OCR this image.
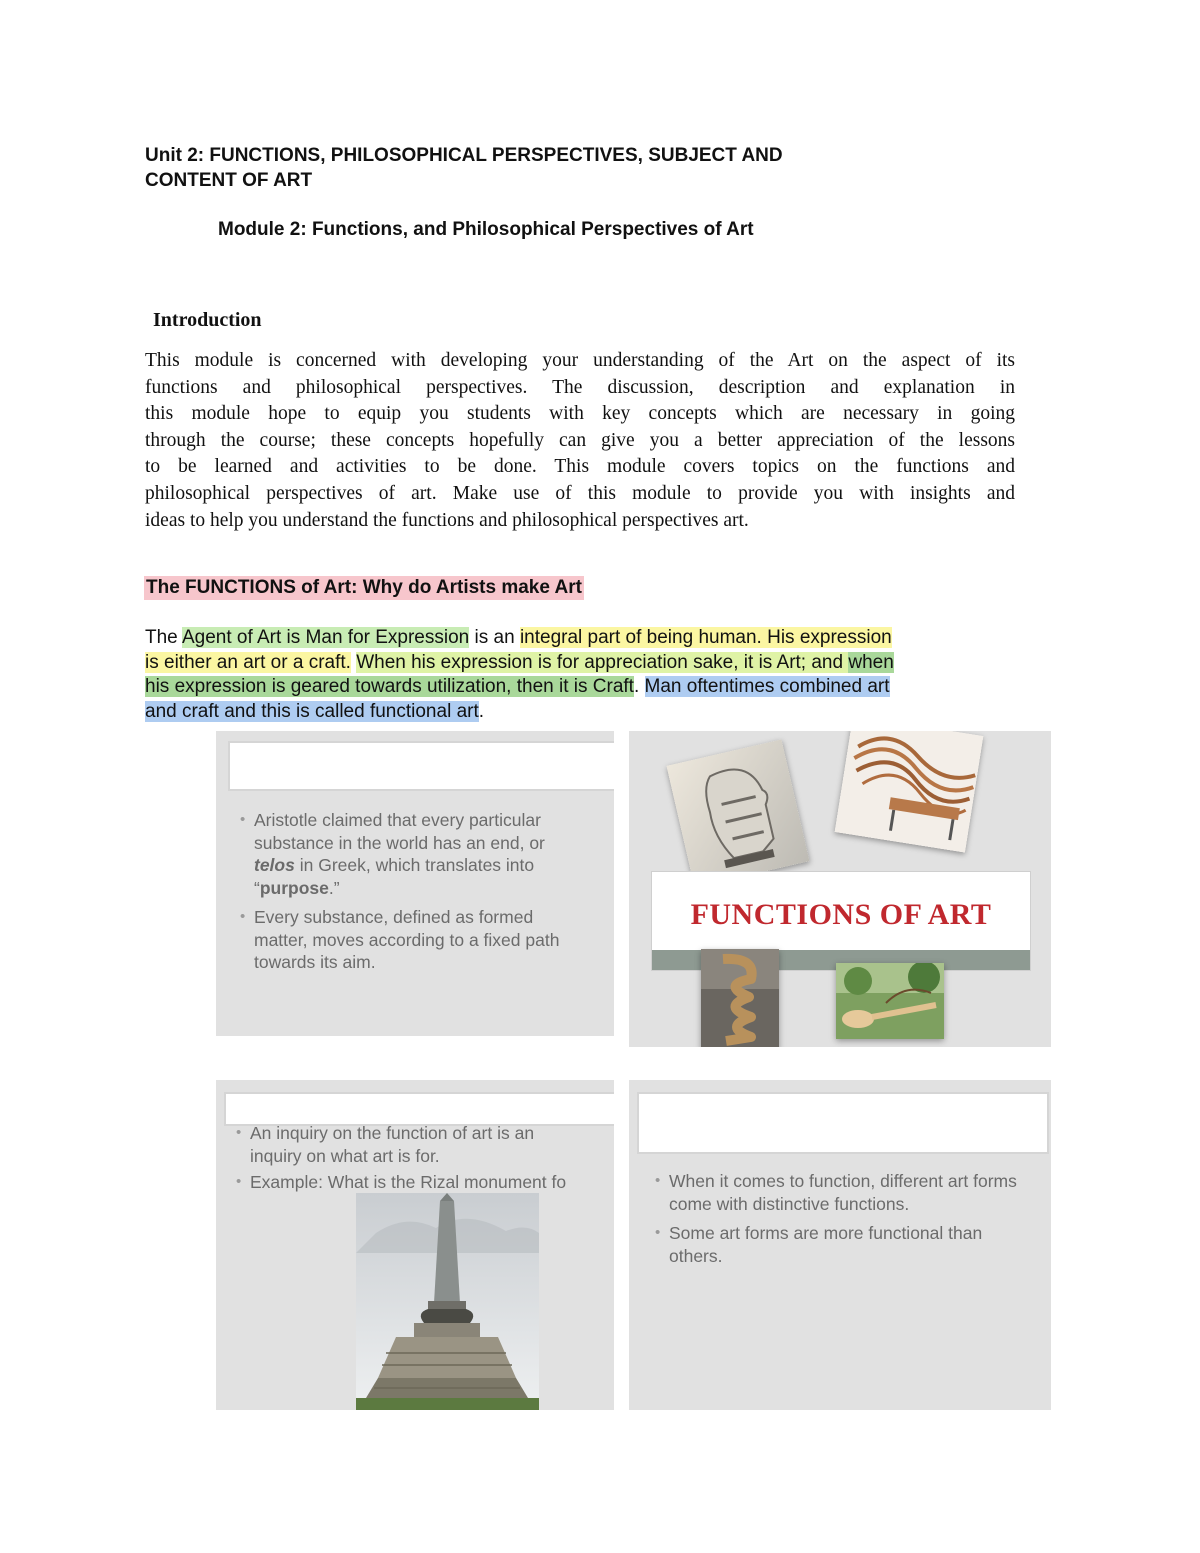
Unit 2: FUNCTIONS, PHILOSOPHICAL PERSPECTIVES, SUBJECT AND
CONTENT OF ART
Module 2: Functions, and Philosophical Perspectives of Art
Introduction
This module is concerned with developing your understanding of the Art on the aspect of its
functions and philosophical perspectives. The discussion, description and explanation in
this module hope to equip you students with key concepts which are necessary in going
through the course; these concepts hopefully can give you a better appreciation of the lessons
to be learned and activities to be done. This module covers topics on the functions and
philosophical perspectives of art. Make use of this module to provide you with insights and
ideas to help you understand the functions and philosophical perspectives art.
The FUNCTIONS of Art: Why do Artists make Art
The Agent of Art is Man for Expression is an integral part of being human. His expression
is either an art or a craft. When his expression is for appreciation sake, it is Art; and when
his expression is geared towards utilization, then it is Craft. Man oftentimes combined art
and craft and this is called functional art.
• Aristotle claimed that every particular substance in the world has an end, or telos in Greek, which translates into “purpose.”
• Every substance, defined as formed matter, moves according to a fixed path towards its aim.
FUNCTIONS OF ART
• An inquiry on the function of art is an inquiry on what art is for.
• Example: What is the Rizal monument fo
•	When it comes to function, different art forms come with distinctive functions.
• Some art forms are more functional than others.
